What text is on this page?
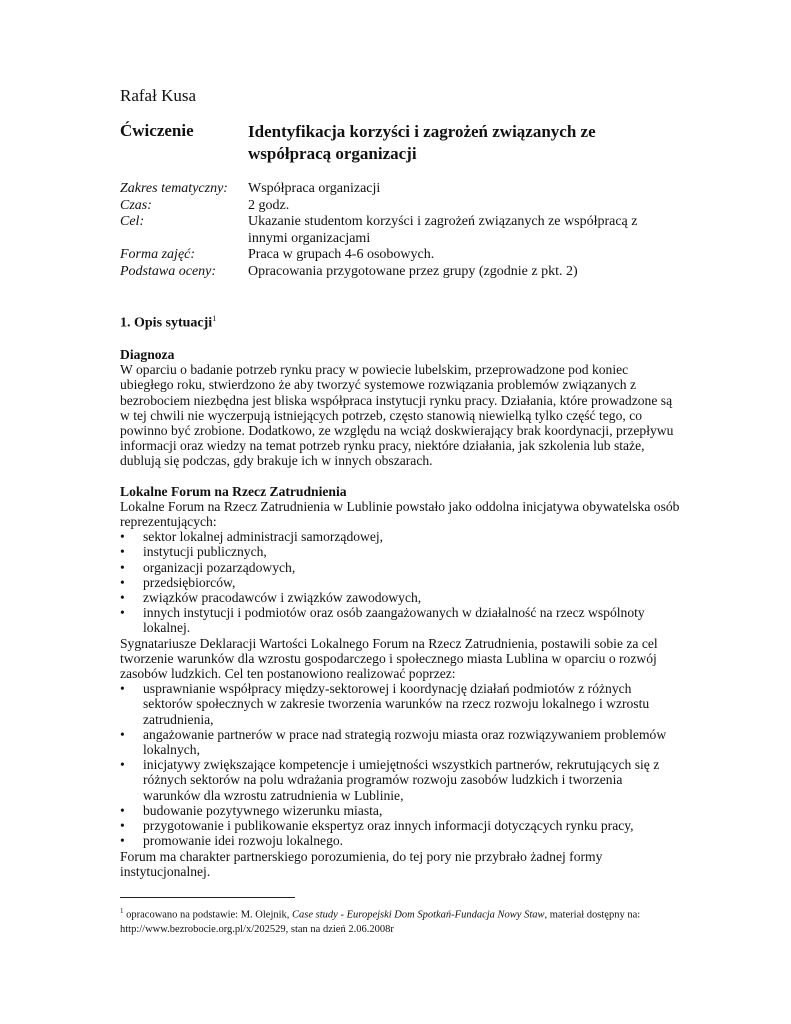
Rafał Kusa
Ćwiczenie	Identyfikacja korzyści i zagrożeń związanych ze współpracą organizacji
Zakres tematyczny:	Współpraca organizacji
Czas:	2 godz.
Cel:	Ukazanie studentom korzyści i zagrożeń związanych ze współpracą z innymi organizacjami
Forma zajęć:	Praca w grupach 4-6 osobowych.
Podstawa oceny:	Opracowania przygotowane przez grupy (zgodnie z pkt. 2)
1. Opis sytuacji$^1$
Diagnoza
W oparciu o badanie potrzeb rynku pracy w powiecie lubelskim, przeprowadzone pod koniec ubiegłego roku, stwierdzono że aby tworzyć systemowe rozwiązania problemów związanych z bezrobociem niezbędna jest bliska współpraca instytucji rynku pracy. Działania, które prowadzone są w tej chwili nie wyczerpują istniejących potrzeb, często stanowią niewielką tylko część tego, co powinno być zrobione. Dodatkowo, ze względu na wciąż doskwierający brak koordynacji, przepływu informacji oraz wiedzy na temat potrzeb rynku pracy, niektóre działania, jak szkolenia lub staże, dublują się podczas, gdy brakuje ich w innych obszarach.
Lokalne Forum na Rzecz Zatrudnienia
Lokalne Forum na Rzecz Zatrudnienia w Lublinie powstało jako oddolna inicjatywa obywatelska osób reprezentujących:
• sektor lokalnej administracji samorządowej,
• instytucji publicznych,
• organizacji pozarządowych,
• przedsiębiorców,
• związków pracodawców i związków zawodowych,
• innych instytucji i podmiotów oraz osób zaangażowanych w działalność na rzecz wspólnoty lokalnej.
Sygnatariusze Deklaracji Wartości Lokalnego Forum na Rzecz Zatrudnienia, postawili sobie za cel tworzenie warunków dla wzrostu gospodarczego i społecznego miasta Lublina w oparciu o rozwój zasobów ludzkich. Cel ten postanowiono realizować poprzez:
• usprawnianie współpracy między-sektorowej i koordynację działań podmiotów z różnych sektorów społecznych w zakresie tworzenia warunków na rzecz rozwoju lokalnego i wzrostu zatrudnienia,
• angażowanie partnerów w prace nad strategią rozwoju miasta oraz rozwiązywaniem problemów lokalnych,
• inicjatywy zwiększające kompetencje i umiejętności wszystkich partnerów, rekrutujących się z różnych sektorów na polu wdrażania programów rozwoju zasobów ludzkich i tworzenia warunków dla wzrostu zatrudnienia w Lublinie,
• budowanie pozytywnego wizerunku miasta,
• przygotowanie i publikowanie ekspertyz oraz innych informacji dotyczących rynku pracy,
• promowanie idei rozwoju lokalnego.
Forum ma charakter partnerskiego porozumienia, do tej pory nie przybrało żadnej formy instytucjonalnej.
$^1$ opracowano na podstawie: M. Olejnik, Case study - Europejski Dom Spotkań-Fundacja Nowy Staw, materiał dostępny na: http://www.bezrobocie.org.pl/x/202529, stan na dzień 2.06.2008r
